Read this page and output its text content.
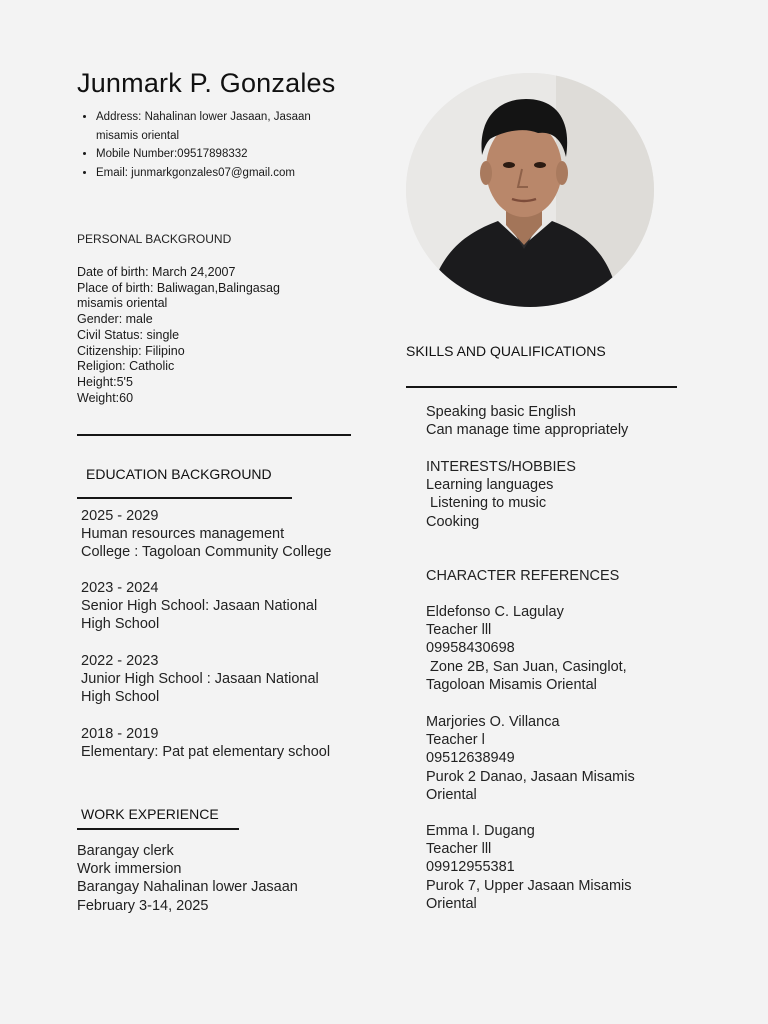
Junmark P. Gonzales
• Address: Nahalinan lower Jasaan, Jasaan misamis oriental
• Mobile Number:09517898332
• Email: junmarkgonzales07@gmail.com
PERSONAL BACKGROUND
Date of birth: March 24,2007
Place of birth: Baliwagan,Balingasag
misamis oriental
Gender: male
Civil Status: single
Citizenship: Filipino
Religion: Catholic
Height:5'5
Weight:60
EDUCATION BACKGROUND
2025 - 2029
Human resources management
College : Tagoloan Community College
2023 - 2024
Senior High School: Jasaan National
High School
2022 - 2023
Junior High School : Jasaan National
High School
2018 - 2019
Elementary: Pat pat elementary school
WORK EXPERIENCE
Barangay clerk
Work immersion
Barangay Nahalinan lower Jasaan
February 3-14, 2025
SKILLS AND QUALIFICATIONS
Speaking basic English
Can manage time appropriately
INTERESTS/HOBBIES
Learning languages
Listening to music
Cooking
CHARACTER REFERENCES
Eldefonso C. Lagulay
Teacher lll
09958430698
Zone 2B, San Juan, Casinglot,
Tagoloan Misamis Oriental
Marjories O. Villanca
Teacher l
09512638949
Purok 2 Danao, Jasaan Misamis
Oriental
Emma I. Dugang
Teacher lll
09912955381
Purok 7, Upper Jasaan Misamis
Oriental
